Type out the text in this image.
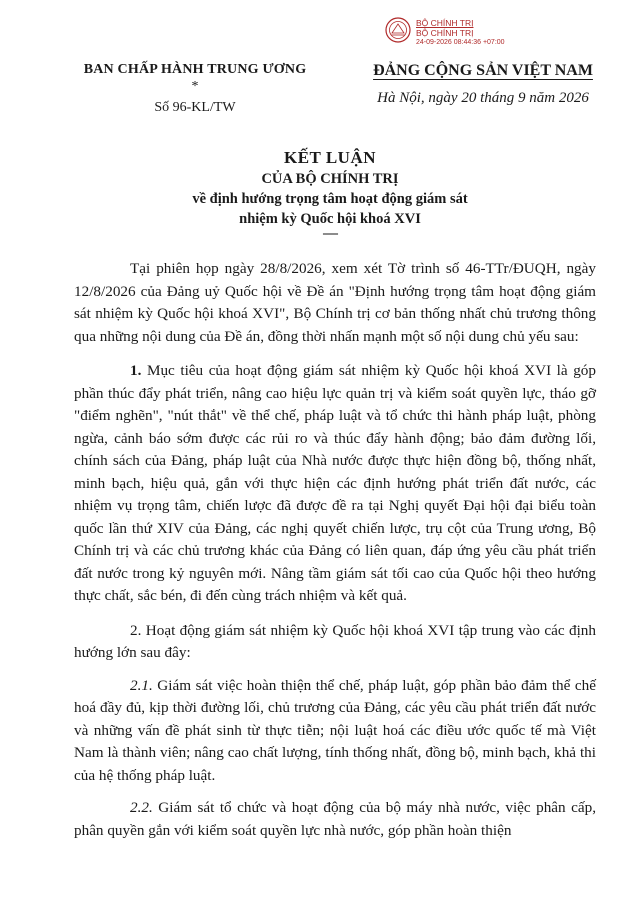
BỘ CHÍNH TRỊ
BỘ CHÍNH TRỊ
24-09-2026 08:44:36 +07:00
BAN CHẤP HÀNH TRUNG ƯƠNG
*
Số 96-KL/TW
ĐẢNG CỘNG SẢN VIỆT NAM
Hà Nội, ngày 20 tháng 9 năm 2026
KẾT LUẬN
CỦA BỘ CHÍNH TRỊ
về định hướng trọng tâm hoạt động giám sát
nhiệm kỳ Quốc hội khoá XVI
-----

Tại phiên họp ngày 28/8/2026, xem xét Tờ trình số 46-TTr/ĐUQH, ngày 12/8/2026 của Đảng uỷ Quốc hội về Đề án "Định hướng trọng tâm hoạt động giám sát nhiệm kỳ Quốc hội khoá XVI", Bộ Chính trị cơ bản thống nhất chủ trương thông qua những nội dung của Đề án, đồng thời nhấn mạnh một số nội dung chủ yếu sau:

1. Mục tiêu của hoạt động giám sát nhiệm kỳ Quốc hội khoá XVI là góp phần thúc đẩy phát triển, nâng cao hiệu lực quản trị và kiểm soát quyền lực, tháo gỡ "điểm nghẽn", "nút thắt" về thể chế, pháp luật và tổ chức thi hành pháp luật, phòng ngừa, cảnh báo sớm được các rủi ro và thúc đẩy hành động; bảo đảm đường lối, chính sách của Đảng, pháp luật của Nhà nước được thực hiện đồng bộ, thống nhất, minh bạch, hiệu quả, gắn với thực hiện các định hướng phát triển đất nước, các nhiệm vụ trọng tâm, chiến lược đã được đề ra tại Nghị quyết Đại hội đại biểu toàn quốc lần thứ XIV của Đảng, các nghị quyết chiến lược, trụ cột của Trung ương, Bộ Chính trị và các chủ trương khác của Đảng có liên quan, đáp ứng yêu cầu phát triển đất nước trong kỷ nguyên mới. Nâng tầm giám sát tối cao của Quốc hội theo hướng thực chất, sắc bén, đi đến cùng trách nhiệm và kết quả.

2. Hoạt động giám sát nhiệm kỳ Quốc hội khoá XVI tập trung vào các định hướng lớn sau đây:

2.1. Giám sát việc hoàn thiện thể chế, pháp luật, góp phần bảo đảm thể chế hoá đầy đủ, kịp thời đường lối, chủ trương của Đảng, các yêu cầu phát triển đất nước và những vấn đề phát sinh từ thực tiễn; nội luật hoá các điều ước quốc tế mà Việt Nam là thành viên; nâng cao chất lượng, tính thống nhất, đồng bộ, minh bạch, khả thi của hệ thống pháp luật.

2.2. Giám sát tổ chức và hoạt động của bộ máy nhà nước, việc phân cấp, phân quyền gắn với kiểm soát quyền lực nhà nước, góp phần hoàn thiện
